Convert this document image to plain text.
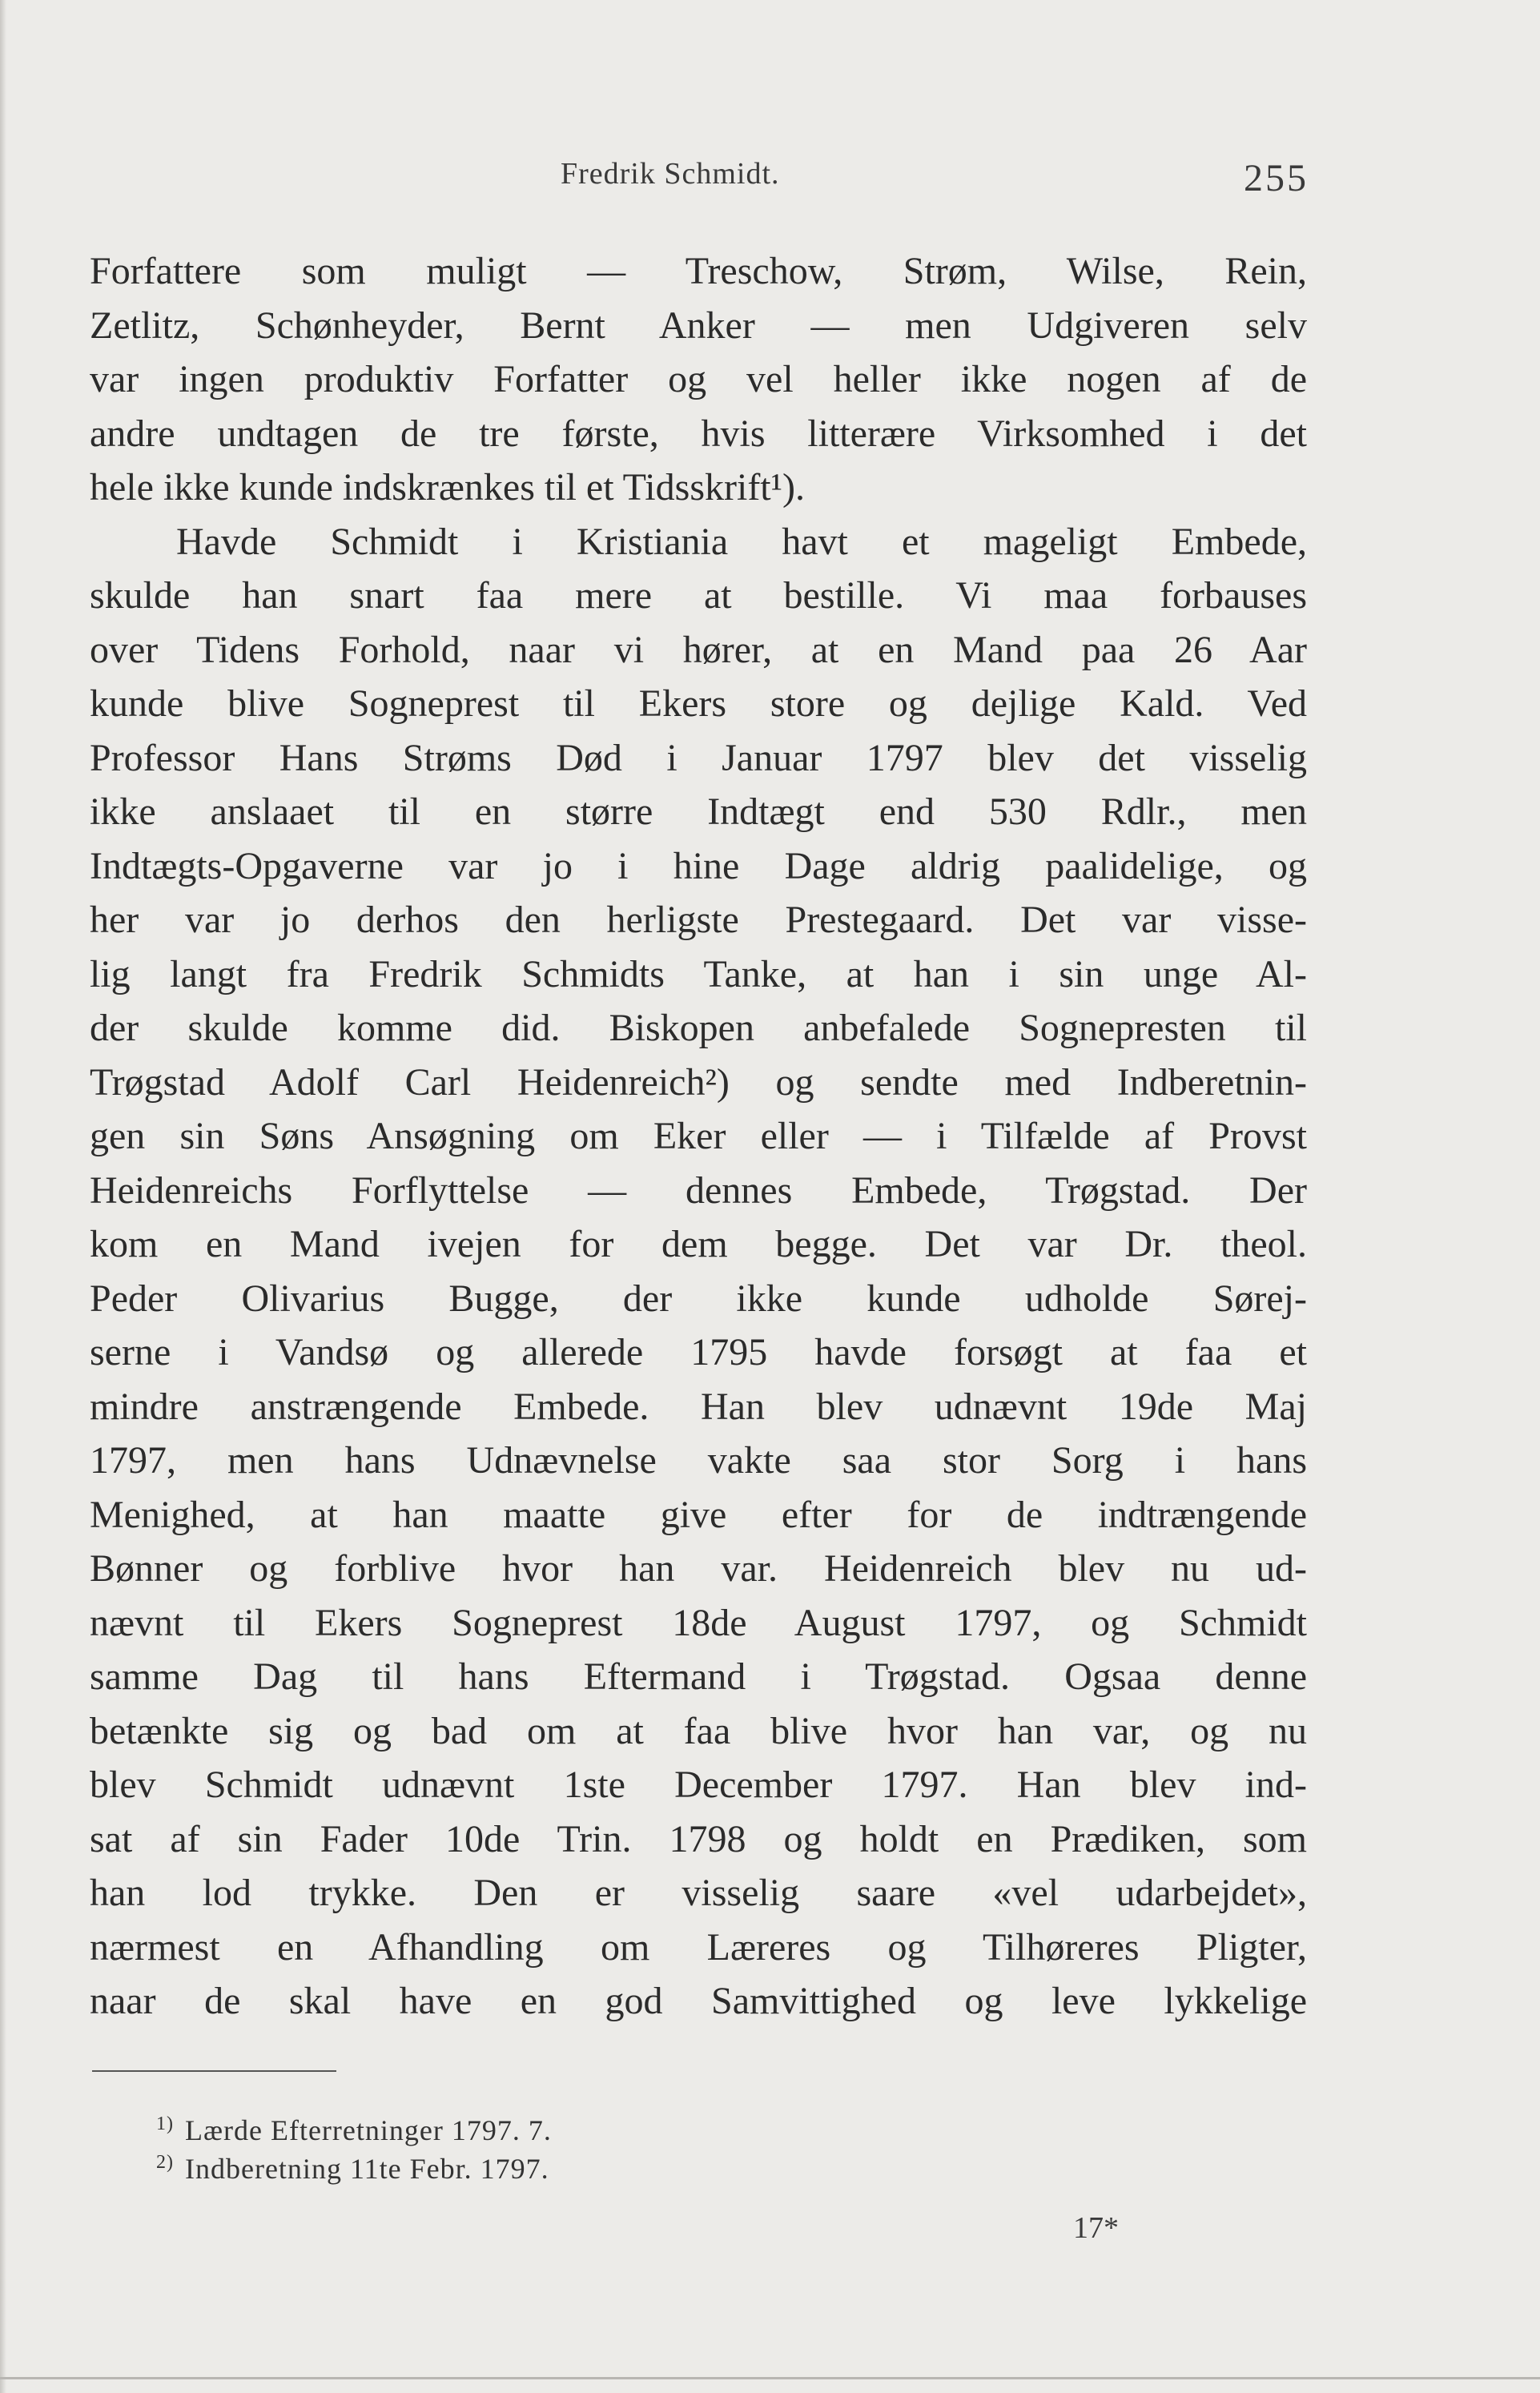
Fredrik Schmidt.	255
Forfattere som muligt — Treschow, Strøm, Wilse, Rein,
Zetlitz, Schønheyder, Bernt Anker — men Udgiveren selv
var ingen produktiv Forfatter og vel heller ikke nogen af de
andre undtagen de tre første, hvis litterære Virksomhed i det
hele ikke kunde indskrænkes til et Tidsskrift¹).
Havde Schmidt i Kristiania havt et mageligt Embede,
skulde han snart faa mere at bestille. Vi maa forbauses
over Tidens Forhold, naar vi hører, at en Mand paa 26 Aar
kunde blive Sogneprest til Ekers store og dejlige Kald. Ved
Professor Hans Strøms Død i Januar 1797 blev det visselig
ikke anslaaet til en større Indtægt end 530 Rdlr., men
Indtægts-Opgaverne var jo i hine Dage aldrig paalidelige, og
her var jo derhos den herligste Prestegaard. Det var visse-
lig langt fra Fredrik Schmidts Tanke, at han i sin unge Al-
der skulde komme did. Biskopen anbefalede Sognepresten til
Trøgstad Adolf Carl Heidenreich²) og sendte med Indberetnin-
gen sin Søns Ansøgning om Eker eller — i Tilfælde af Provst
Heidenreichs Forflyttelse — dennes Embede, Trøgstad. Der
kom en Mand ivejen for dem begge. Det var Dr. theol.
Peder Olivarius Bugge, der ikke kunde udholde Sørej-
serne i Vandsø og allerede 1795 havde forsøgt at faa et
mindre anstrængende Embede. Han blev udnævnt 19de Maj
1797, men hans Udnævnelse vakte saa stor Sorg i hans
Menighed, at han maatte give efter for de indtrængende
Bønner og forblive hvor han var. Heidenreich blev nu ud-
nævnt til Ekers Sogneprest 18de August 1797, og Schmidt
samme Dag til hans Eftermand i Trøgstad. Ogsaa denne
betænkte sig og bad om at faa blive hvor han var, og nu
blev Schmidt udnævnt 1ste December 1797. Han blev ind-
sat af sin Fader 10de Trin. 1798 og holdt en Prædiken, som
han lod trykke. Den er visselig saare «vel udarbejdet»,
nærmest en Afhandling om Læreres og Tilhøreres Pligter,
naar de skal have en god Samvittighed og leve lykkelige
$^{1)}$ Lærde Efterretninger 1797. 7.
$^{2)}$ Indberetning 11te Febr. 1797.
17*
